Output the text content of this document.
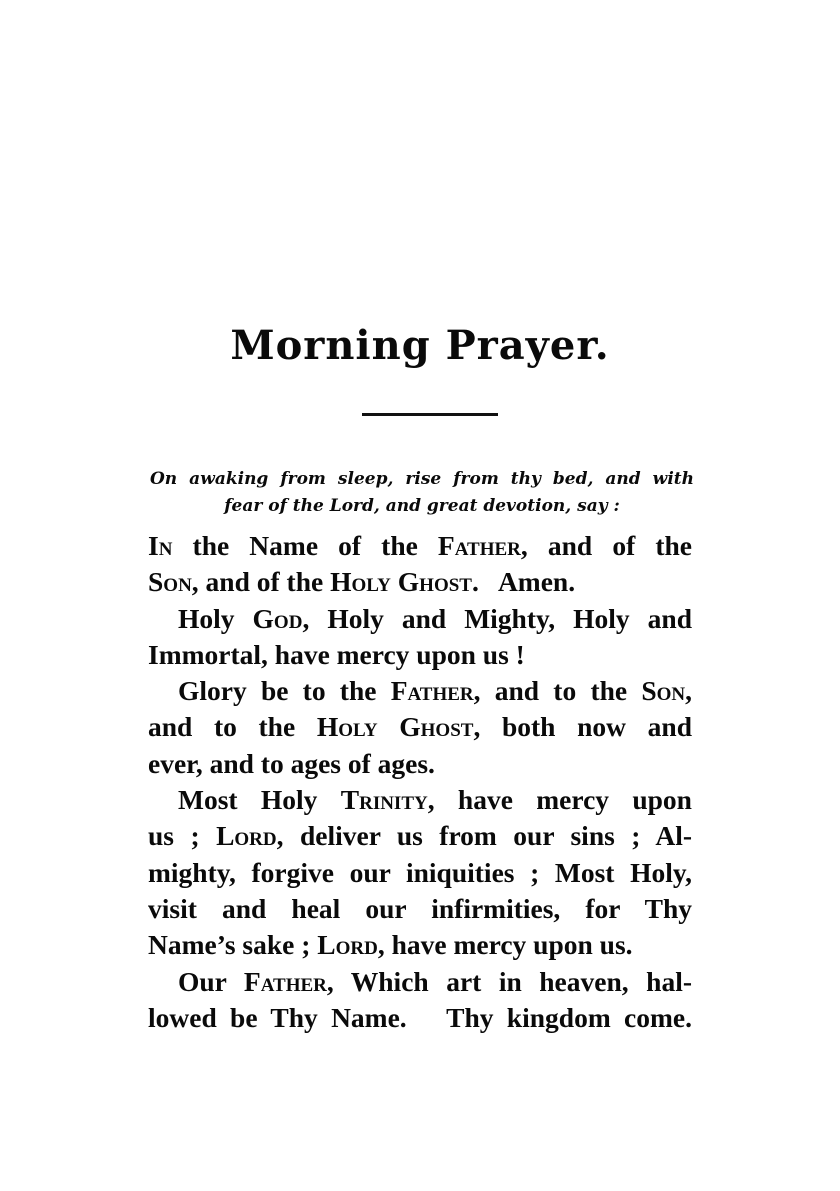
Morning Prayer.
On awaking from sleep, rise from thy bed, and with
fear of the Lord, and great devotion, say :

In the Name of the Father, and of the
Son, and of the Holy Ghost.   Amen.

Holy God, Holy and Mighty, Holy and
Immortal, have mercy upon us !

Glory be to the Father, and to the Son,
and to the Holy Ghost, both now and
ever, and to ages of ages.

Most Holy Trinity, have mercy upon
us ; Lord, deliver us from our sins ; Al-
mighty, forgive our iniquities ; Most Holy,
visit and heal our infirmities, for Thy
Name’s sake ; Lord, have mercy upon us.

Our Father, Which art in heaven, hal-
lowed be Thy Name.   Thy kingdom come.
